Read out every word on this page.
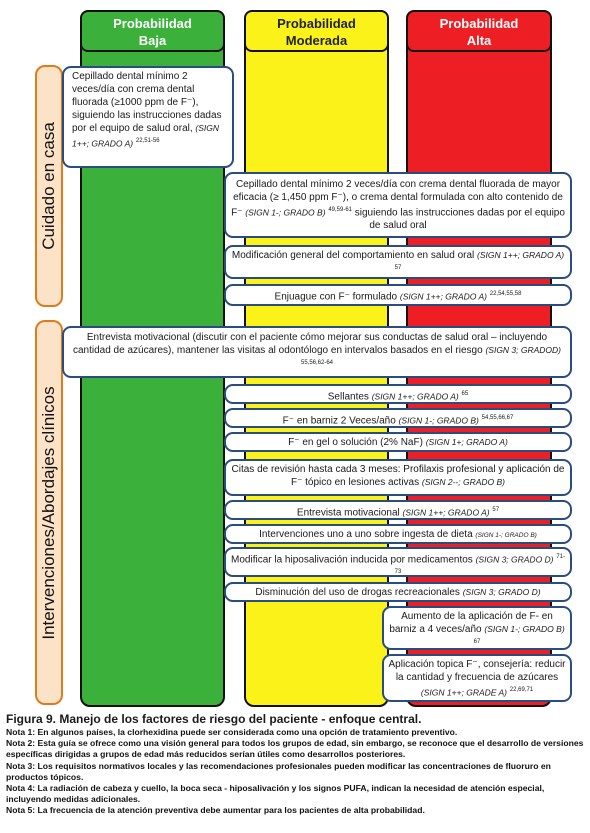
Probabilidad
Baja
Probabilidad
Moderada
Probabilidad
Alta
Cuidado en casa
Intervenciones/Abordajes clínicos
Cepillado dental mínimo 2 veces/día con crema dental fluorada (≥1000 ppm de F⁻), siguiendo las instrucciones dadas por el equipo de salud oral, (SIGN 1++; GRADO A) $^{22,51-56}$
Cepillado dental mínimo 2 veces/día con crema dental fluorada de mayor eficacia (≥ 1,450 ppm F⁻), o crema dental formulada con alto contenido de F⁻ (SIGN 1-; GRADO B) $^{49,59-61}$ siguiendo las instrucciones dadas por el equipo de salud oral
Modificación general del comportamiento en salud oral (SIGN 1++; GRADO A) $^{57}$
Enjuague con F⁻ formulado (SIGN 1++; GRADO A) $^{22,54,55,58}$
Entrevista motivacional (discutir con el paciente cómo mejorar sus conductas de salud oral – incluyendo cantidad de azúcares), mantener las visitas al odontólogo en intervalos basados en el riesgo (SIGN 3; GRADOD) $^{55,56,62-64}$
Sellantes (SIGN 1++; GRADO A) $^{65}$
F⁻ en barniz 2 Veces/año (SIGN 1-; GRADO B) $^{54,55,66,67}$
F⁻ en gel o solución (2% NaF) (SIGN 1+; GRADO A)
Citas de revisión hasta cada 3 meses: Profilaxis profesional y aplicación de F⁻ tópico en lesiones activas (SIGN 2--; GRADO B)
Entrevista motivacional (SIGN 1++; GRADO A) $^{57}$
Intervenciones uno a uno sobre ingesta de dieta (SIGN 1-; GRADO B)
Modificar la hiposalivación inducida por medicamentos (SIGN 3; GRADO D) $^{71-73}$
Disminución del uso de drogas recreacionales (SIGN 3; GRADO D)
Aumento de la aplicación de F- en barniz a 4 veces/año (SIGN 1-; GRADO B) $^{67}$
Aplicación topica F⁻, consejería: reducir la cantidad y frecuencia de azúcares (SIGN 1++; GRADE A) $^{22,69,71}$
Figura 9. Manejo de los factores de riesgo del paciente - enfoque central.

Nota 1: En algunos países, la clorhexidina puede ser considerada como una opción de tratamiento preventivo.

Nota 2: Esta guía se ofrece como una visión general para todos los grupos de edad, sin embargo, se reconoce que el desarrollo de versiones específicas dirigidas a grupos de edad más reducidos serían útiles como desarrollos posteriores.

Nota 3: Los requisitos normativos locales y las recomendaciones profesionales pueden modificar las concentraciones de fluoruro en productos tópicos.

Nota 4: La radiación de cabeza y cuello, la boca seca - hiposalivación y los signos PUFA, indican la necesidad de atención especial, incluyendo medidas adicionales.

Nota 5: La frecuencia de la atención preventiva debe aumentar para los pacientes de alta probabilidad.
